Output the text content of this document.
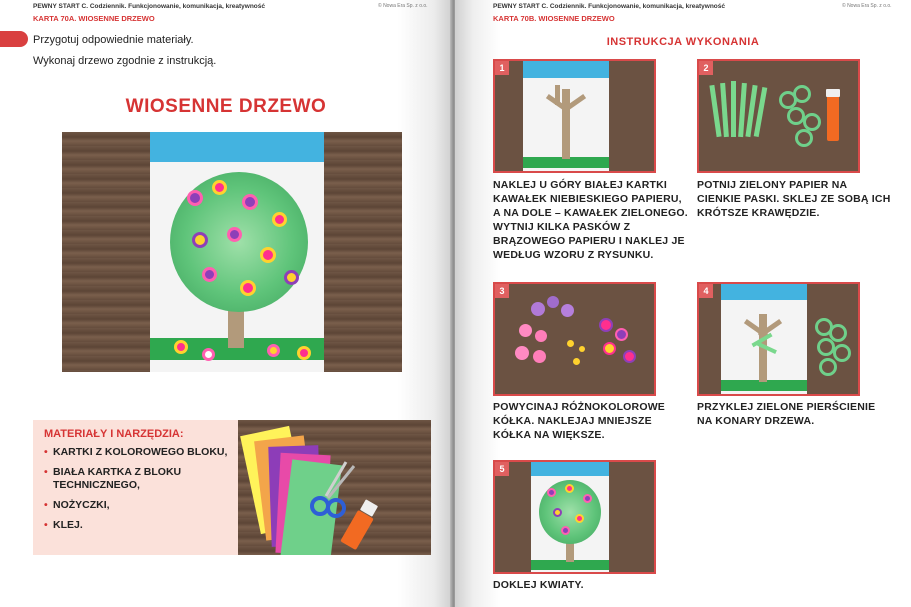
PEWNY START C. Codziennik. Funkcjonowanie, komunikacja, kreatywność	© Nowa Era Sp. z o.o.
KARTA 70A. WIOSENNE DRZEWO
Przygotuj odpowiednie materiały.
Wykonaj drzewo zgodnie z instrukcją.
WIOSENNE DRZEWO
MATERIAŁY I NARZĘDZIA:
• KARTKI Z KOLOROWEGO BLOKU,
• BIAŁA KARTKA Z BLOKU TECHNICZNEGO,
• NOŻYCZKI,
• KLEJ.
PEWNY START C. Codziennik. Funkcjonowanie, komunikacja, kreatywność	© Nowa Era Sp. z o.o.
KARTA 70B. WIOSENNE DRZEWO
INSTRUKCJA WYKONANIA
1
NAKLEJ U GÓRY BIAŁEJ KARTKI KAWAŁEK NIEBIESKIEGO PAPIERU, A NA DOLE – KAWAŁEK ZIELONEGO. WYTNIJ KILKA PASKÓW Z BRĄZOWEGO PAPIERU I NAKLEJ JE WEDŁUG WZORU Z RYSUNKU.
2
POTNIJ ZIELONY PAPIER NA CIENKIE PASKI. SKLEJ ZE SOBĄ ICH KRÓTSZE KRAWĘDZIE.
3
POWYCINAJ RÓŻNOKOLOROWE KÓŁKA. NAKLEJAJ MNIEJSZE KÓŁKA NA WIĘKSZE.
4
PRZYKLEJ ZIELONE PIERŚCIENIE NA KONARY DRZEWA.
5
DOKLEJ KWIATY.
